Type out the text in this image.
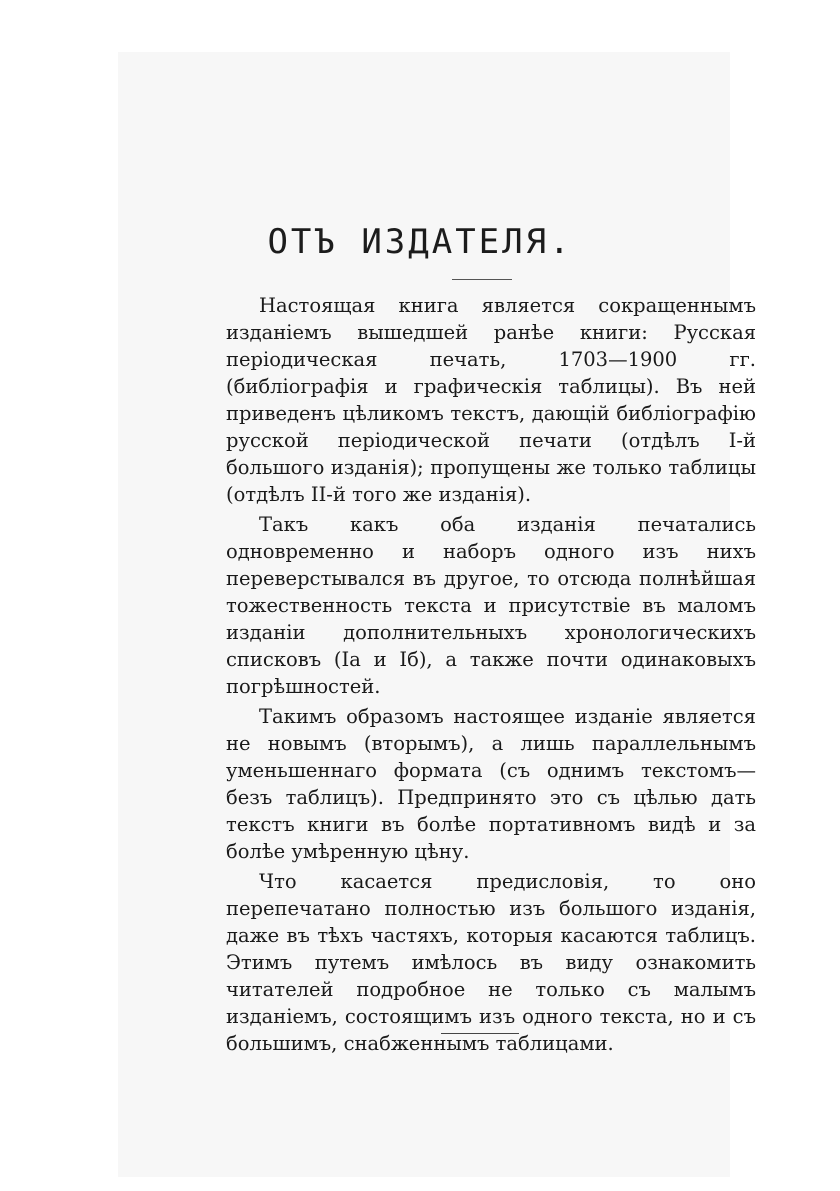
ОТЪ ИЗДАТЕЛЯ.

Настоящая книга является сокращеннымъ изданіемъ вышедшей ранѣе книги: Русская періодическая печать, 1703—1900 гг. (библіографія и графическія таблицы). Въ ней приведенъ цѣликомъ текстъ, дающій библіографію русской періодической печати (отдѣлъ I-й большого изданія); пропущены же только таблицы (отдѣлъ II-й того же изданія).

Такъ какъ оба изданія печатались одновременно и наборъ одного изъ нихъ переверстывался въ другое, то отсюда полнѣйшая тожественность текста и присутствіе въ маломъ изданіи дополнительныхъ хронологическихъ списковъ (Ia и Iб), а также почти одинаковыхъ погрѣшностей.

Такимъ образомъ настоящее изданіе является не новымъ (вторымъ), а лишь параллельнымъ уменьшеннаго формата (съ однимъ текстомъ—безъ таблицъ). Предпринято это съ цѣлью дать текстъ книги въ болѣе портативномъ видѣ и за болѣе умѣренную цѣну.

Что касается предисловія, то оно перепечатано полностью изъ большого изданія, даже въ тѣхъ частяхъ, которыя касаются таблицъ. Этимъ путемъ имѣлось въ виду ознакомить читателей подробное не только съ малымъ изданіемъ, состоящимъ изъ одного текста, но и съ большимъ, снабженнымъ таблицами.
